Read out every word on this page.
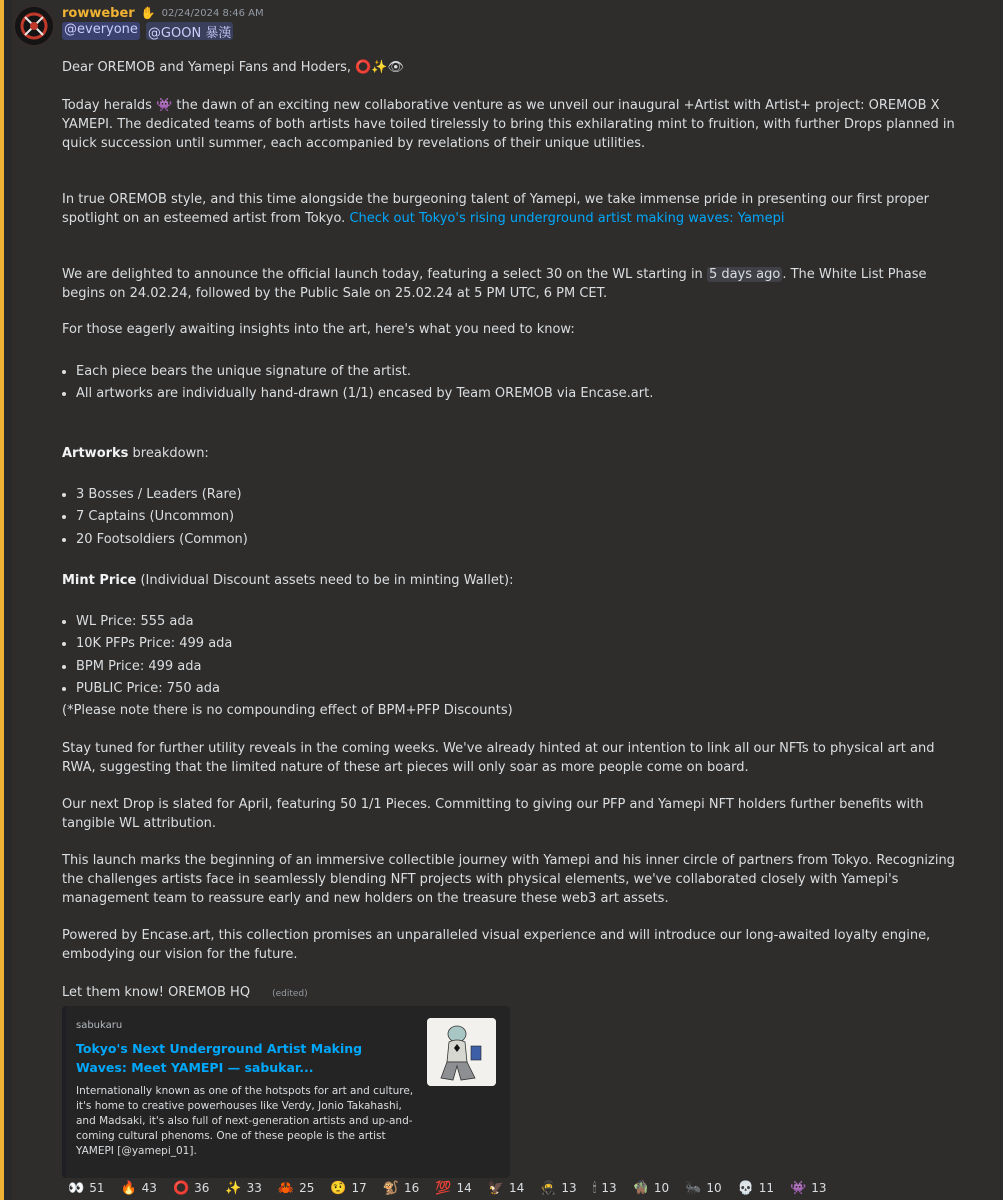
rowweber ✋ 02/24/2024 8:46 AM
@everyone @GOON 暴漢

Dear OREMOB and Yamepi Fans and Hoders, ⭕✨👁

Today heralds 👾 the dawn of an exciting new collaborative venture as we unveil our inaugural +Artist with Artist+ project: OREMOB X YAMEPI. The dedicated teams of both artists have toiled tirelessly to bring this exhilarating mint to fruition, with further Drops planned in quick succession until summer, each accompanied by revelations of their unique utilities.

In true OREMOB style, and this time alongside the burgeoning talent of Yamepi, we take immense pride in presenting our first proper spotlight on an esteemed artist from Tokyo. Check out Tokyo's rising underground artist making waves: Yamepi

We are delighted to announce the official launch today, featuring a select 30 on the WL starting in 5 days ago . The White List Phase begins on 24.02.24, followed by the Public Sale on 25.02.24 at 5 PM UTC, 6 PM CET.

For those eagerly awaiting insights into the art, here's what you need to know:

• Each piece bears the unique signature of the artist.
• All artworks are individually hand-drawn (1/1) encased by Team OREMOB via Encase.art.

Artworks breakdown:

• 3 Bosses / Leaders (Rare)
• 7 Captains (Uncommon)
• 20 Footsoldiers (Common)

Mint Price (Individual Discount assets need to be in minting Wallet):

• WL Price: 555 ada
• 10K PFPs Price: 499 ada
• BPM Price: 499 ada
• PUBLIC Price: 750 ada

(*Please note there is no compounding effect of BPM+PFP Discounts)

Stay tuned for further utility reveals in the coming weeks. We've already hinted at our intention to link all our NFTs to physical art and RWA, suggesting that the limited nature of these art pieces will only soar as more people come on board.

Our next Drop is slated for April, featuring 50 1/1 Pieces. Committing to giving our PFP and Yamepi NFT holders further benefits with tangible WL attribution.

This launch marks the beginning of an immersive collectible journey with Yamepi and his inner circle of partners from Tokyo. Recognizing the challenges artists face in seamlessly blending NFT projects with physical elements, we've collaborated closely with Yamepi's management team to reassure early and new holders on the treasure these web3 art assets.

Powered by Encase.art, this collection promises an unparalleled visual experience and will introduce our long-awaited loyalty engine, embodying our vision for the future.

Let them know! OREMOB HQ (edited)

sabukaru
Tokyo's Next Underground Artist Making Waves: Meet YAMEPI — sabukar...
Internationally known as one of the hotspots for art and culture, it's home to creative powerhouses like Verdy, Jonio Takahashi, and Madsaki, it's also full of next-generation artists and up-and-coming cultural phenoms. One of these people is the artist YAMEPI [@yamepi_01].
👀 51 🔥 43 ⭕ 36 ✨ 33 🦀 25 🤨 17 🐒 16 💯 14 🦅 14 🥷 13 🕯 13 🧌 10 🐜 10 💀 11 👾 13
